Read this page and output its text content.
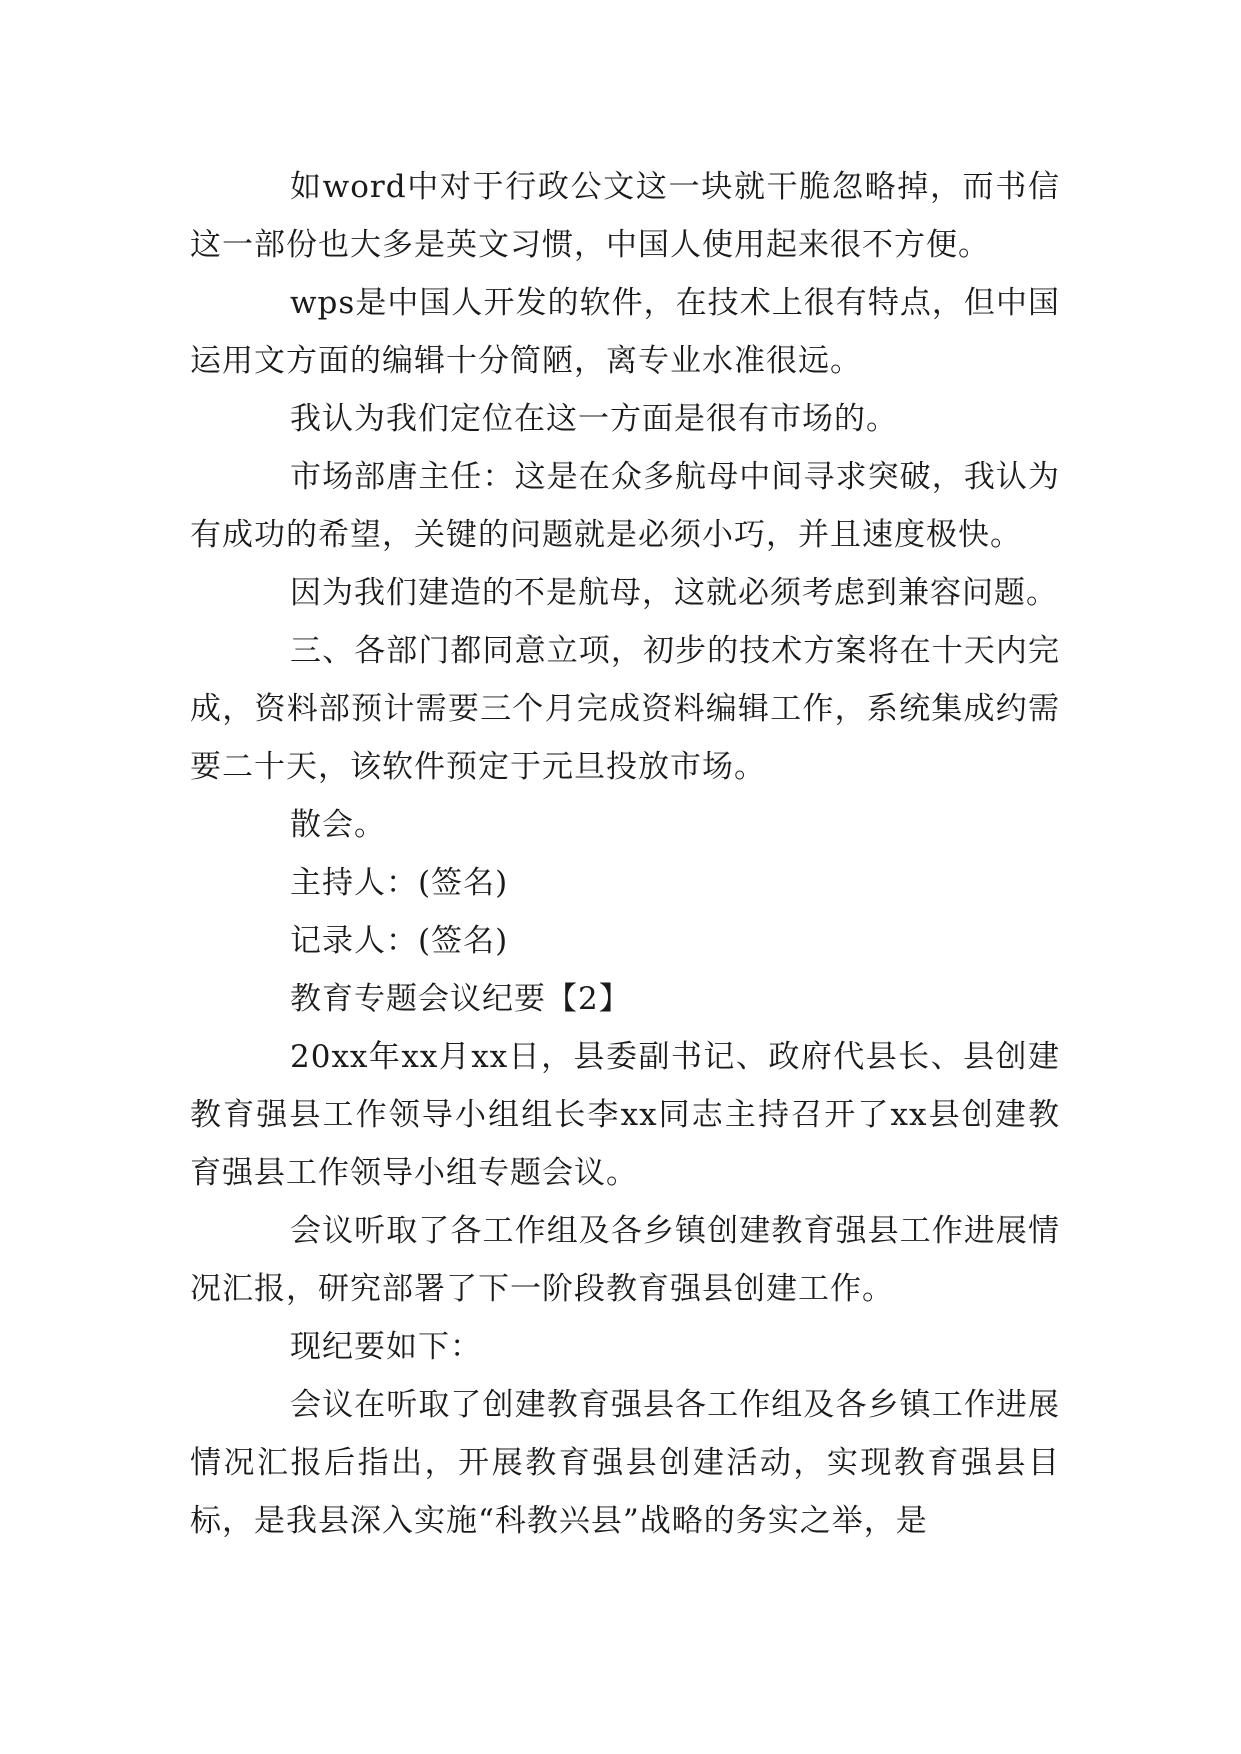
如word中对于行政公文这一块就干脆忽略掉，而书信这一部份也大多是英文习惯，中国人使用起来很不方便。

wps是中国人开发的软件，在技术上很有特点，但中国运用文方面的编辑十分简陋，离专业水准很远。

我认为我们定位在这一方面是很有市场的。

市场部唐主任：这是在众多航母中间寻求突破，我认为有成功的希望，关键的问题就是必须小巧，并且速度极快。

因为我们建造的不是航母，这就必须考虑到兼容问题。

三、各部门都同意立项，初步的技术方案将在十天内完成，资料部预计需要三个月完成资料编辑工作，系统集成约需要二十天，该软件预定于元旦投放市场。

散会。

主持人：(签名)

记录人：(签名)

教育专题会议纪要【2】

20xx年xx月xx日，县委副书记、政府代县长、县创建教育强县工作领导小组组长李xx同志主持召开了xx县创建教育强县工作领导小组专题会议。

会议听取了各工作组及各乡镇创建教育强县工作进展情况汇报，研究部署了下一阶段教育强县创建工作。

现纪要如下：

会议在听取了创建教育强县各工作组及各乡镇工作进展情况汇报后指出，开展教育强县创建活动，实现教育强县目标，是我县深入实施“科教兴县”战略的务实之举，是
